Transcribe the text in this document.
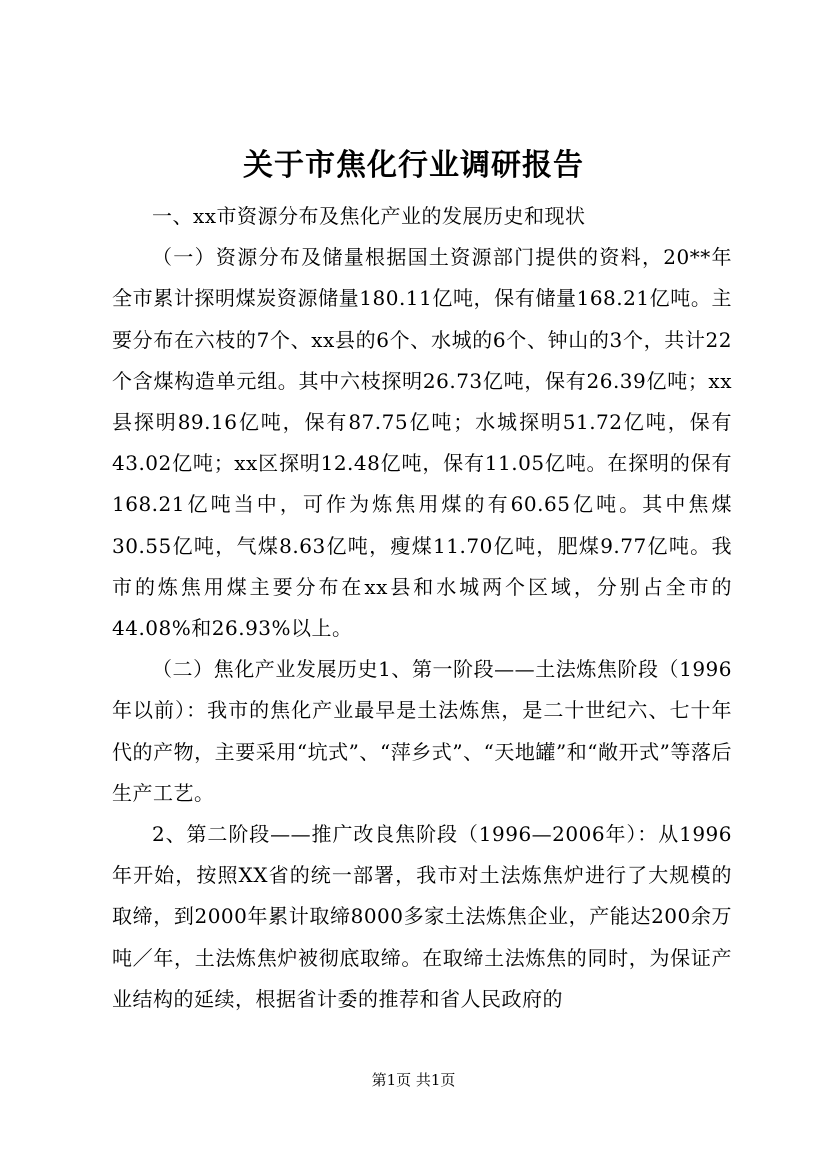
关于市焦化行业调研报告

一、xx市资源分布及焦化产业的发展历史和现状

（一）资源分布及储量根据国土资源部门提供的资料，20**年全市累计探明煤炭资源储量180.11亿吨，保有储量168.21亿吨。主要分布在六枝的7个、xx县的6个、水城的6个、钟山的3个，共计22个含煤构造单元组。其中六枝探明26.73亿吨，保有26.39亿吨；xx县探明89.16亿吨，保有87.75亿吨；水城探明51.72亿吨，保有43.02亿吨；xx区探明12.48亿吨，保有11.05亿吨。在探明的保有168.21亿吨当中，可作为炼焦用煤的有60.65亿吨。其中焦煤30.55亿吨，气煤8.63亿吨，瘦煤11.70亿吨，肥煤9.77亿吨。我市的炼焦用煤主要分布在xx县和水城两个区域，分别占全市的44.08%和26.93%以上。

（二）焦化产业发展历史1、第一阶段——土法炼焦阶段（1996年以前）：我市的焦化产业最早是土法炼焦，是二十世纪六、七十年代的产物，主要采用“坑式”、“萍乡式”、“天地罐”和“敞开式”等落后生产工艺。

2、第二阶段——推广改良焦阶段（1996—2006年）：从1996年开始，按照XX省的统一部署，我市对土法炼焦炉进行了大规模的取缔，到2000年累计取缔8000多家土法炼焦企业，产能达200余万吨／年，土法炼焦炉被彻底取缔。在取缔土法炼焦的同时，为保证产业结构的延续，根据省计委的推荐和省人民政府的

第1页 共1页
